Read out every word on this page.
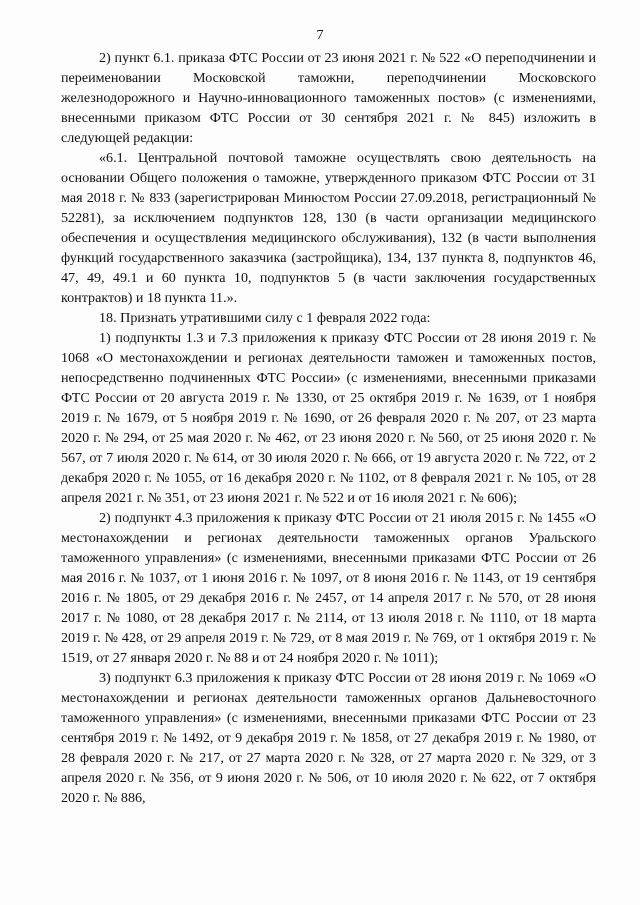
7

2) пункт 6.1. приказа ФТС России от 23 июня 2021 г. № 522 «О переподчинении и переименовании Московской таможни, переподчинении Московского железнодорожного и Научно-инновационного таможенных постов» (с изменениями, внесенными приказом ФТС России от 30 сентября 2021 г. № 845) изложить в следующей редакции:

«6.1. Центральной почтовой таможне осуществлять свою деятельность на основании Общего положения о таможне, утвержденного приказом ФТС России от 31 мая 2018 г. № 833 (зарегистрирован Минюстом России 27.09.2018, регистрационный № 52281), за исключением подпунктов 128, 130 (в части организации медицинского обеспечения и осуществления медицинского обслуживания), 132 (в части выполнения функций государственного заказчика (застройщика), 134, 137 пункта 8, подпунктов 46, 47, 49, 49.1 и 60 пункта 10, подпунктов 5 (в части заключения государственных контрактов) и 18 пункта 11.».

18. Признать утратившими силу с 1 февраля 2022 года:

1) подпункты 1.3 и 7.3 приложения к приказу ФТС России от 28 июня 2019 г. № 1068 «О местонахождении и регионах деятельности таможен и таможенных постов, непосредственно подчиненных ФТС России» (с изменениями, внесенными приказами ФТС России от 20 августа 2019 г. № 1330, от 25 октября 2019 г. № 1639, от 1 ноября 2019 г. № 1679, от 5 ноября 2019 г. № 1690, от 26 февраля 2020 г. № 207, от 23 марта 2020 г. № 294, от 25 мая 2020 г. № 462, от 23 июня 2020 г. № 560, от 25 июня 2020 г. № 567, от 7 июля 2020 г. № 614, от 30 июля 2020 г. № 666, от 19 августа 2020 г. № 722, от 2 декабря 2020 г. № 1055, от 16 декабря 2020 г. № 1102, от 8 февраля 2021 г. № 105, от 28 апреля 2021 г. № 351, от 23 июня 2021 г. № 522 и от 16 июля 2021 г. № 606);

2) подпункт 4.3 приложения к приказу ФТС России от 21 июля 2015 г. № 1455 «О местонахождении и регионах деятельности таможенных органов Уральского таможенного управления» (с изменениями, внесенными приказами ФТС России от 26 мая 2016 г. № 1037, от 1 июня 2016 г. № 1097, от 8 июня 2016 г. № 1143, от 19 сентября 2016 г. № 1805, от 29 декабря 2016 г. № 2457, от 14 апреля 2017 г. № 570, от 28 июня 2017 г. № 1080, от 28 декабря 2017 г. № 2114, от 13 июля 2018 г. № 1110, от 18 марта 2019 г. № 428, от 29 апреля 2019 г. № 729, от 8 мая 2019 г. № 769, от 1 октября 2019 г. № 1519, от 27 января 2020 г. № 88 и от 24 ноября 2020 г. № 1011);

3) подпункт 6.3 приложения к приказу ФТС России от 28 июня 2019 г. № 1069 «О местонахождении и регионах деятельности таможенных органов Дальневосточного таможенного управления» (с изменениями, внесенными приказами ФТС России от 23 сентября 2019 г. № 1492, от 9 декабря 2019 г. № 1858, от 27 декабря 2019 г. № 1980, от 28 февраля 2020 г. № 217, от 27 марта 2020 г. № 328, от 27 марта 2020 г. № 329, от 3 апреля 2020 г. № 356, от 9 июня 2020 г. № 506, от 10 июля 2020 г. № 622, от 7 октября 2020 г. № 886,
